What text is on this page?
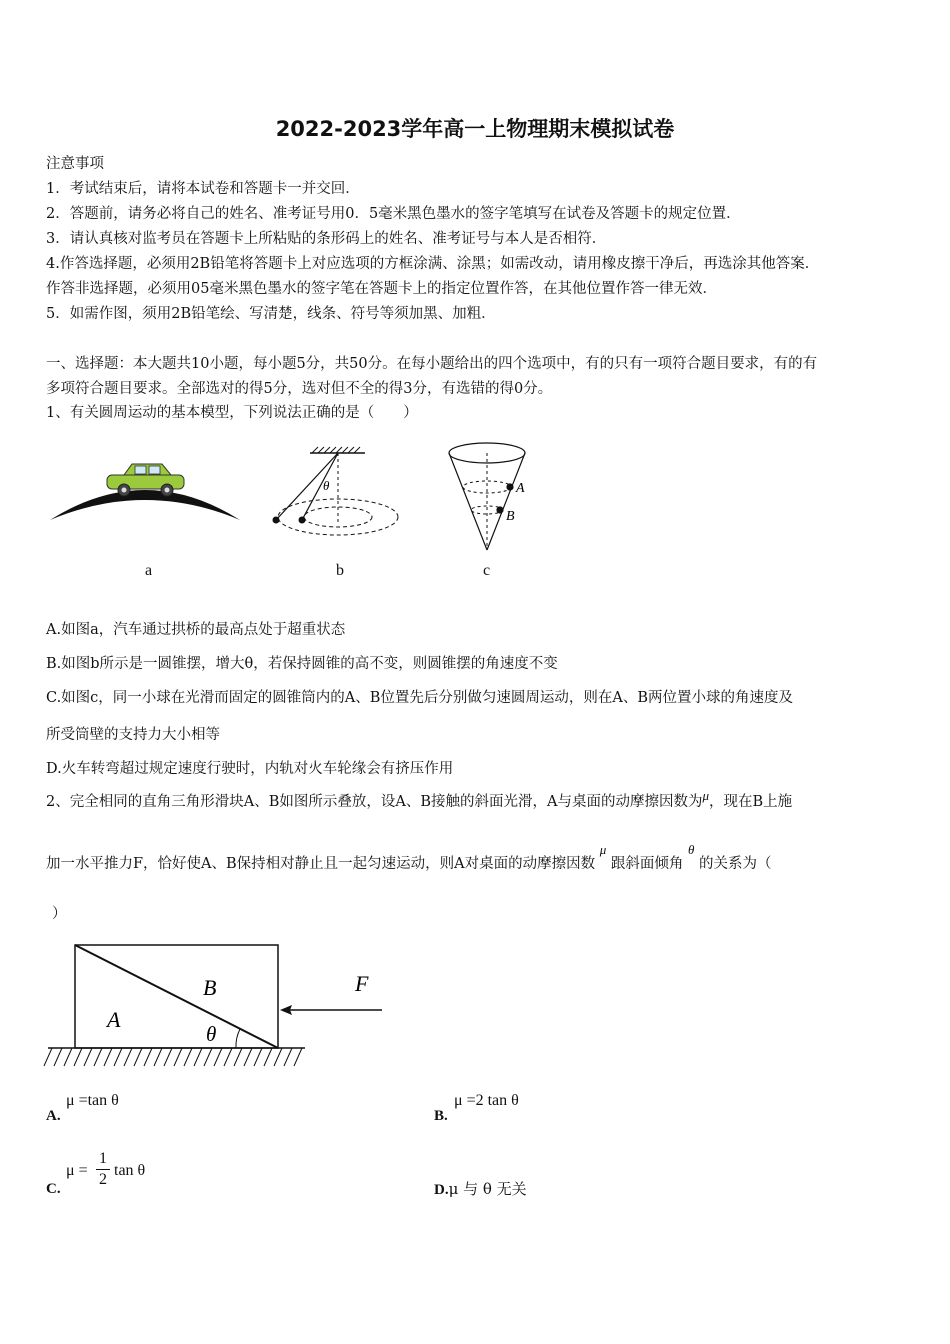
2022-2023学年高一上物理期末模拟试卷
注意事项
1．考试结束后，请将本试卷和答题卡一并交回．
2．答题前，请务必将自己的姓名、准考证号用0．5毫米黑色墨水的签字笔填写在试卷及答题卡的规定位置．
3．请认真核对监考员在答题卡上所粘贴的条形码上的姓名、准考证号与本人是否相符．
4.作答选择题，必须用2B铅笔将答题卡上对应选项的方框涂满、涂黑；如需改动，请用橡皮擦干净后，再选涂其他答案．
作答非选择题，必须用05毫米黑色墨水的签字笔在答题卡上的指定位置作答，在其他位置作答一律无效．
5．如需作图，须用2B铅笔绘、写清楚，线条、符号等须加黑、加粗．
一、选择题：本大题共10小题，每小题5分，共50分。在每小题给出的四个选项中，有的只有一项符合题目要求，有的有
多项符合题目要求。全部选对的得5分，选对但不全的得3分，有选错的得0分。
1、有关圆周运动的基本模型，下列说法正确的是（　　）
θ	A
B
a	b	c
A.如图a，汽车通过拱桥的最高点处于超重状态
B.如图b所示是一圆锥摆，增大θ，若保持圆锥的高不变，则圆锥摆的角速度不变
C.如图c，同一小球在光滑而固定的圆锥筒内的A、B位置先后分别做匀速圆周运动，则在A、B两位置小球的角速度及
所受筒壁的支持力大小相等
D.火车转弯超过规定速度行驶时，内轨对火车轮缘会有挤压作用
2、完全相同的直角三角形滑块A、B如图所示叠放，设A、B接触的斜面光滑，A与桌面的动摩擦因数为μ，现在B上施
加一水平推力F，恰好使A、B保持相对静止且一起匀速运动，则A对桌面的动摩擦因数 μ 跟斜面倾角 θ 的关系为（
）
A
B
θ
F
A.
μ =tan θ
B.
μ =2 tan θ
C.
μ =
1
2
tan θ
D.μ 与 θ 无关
